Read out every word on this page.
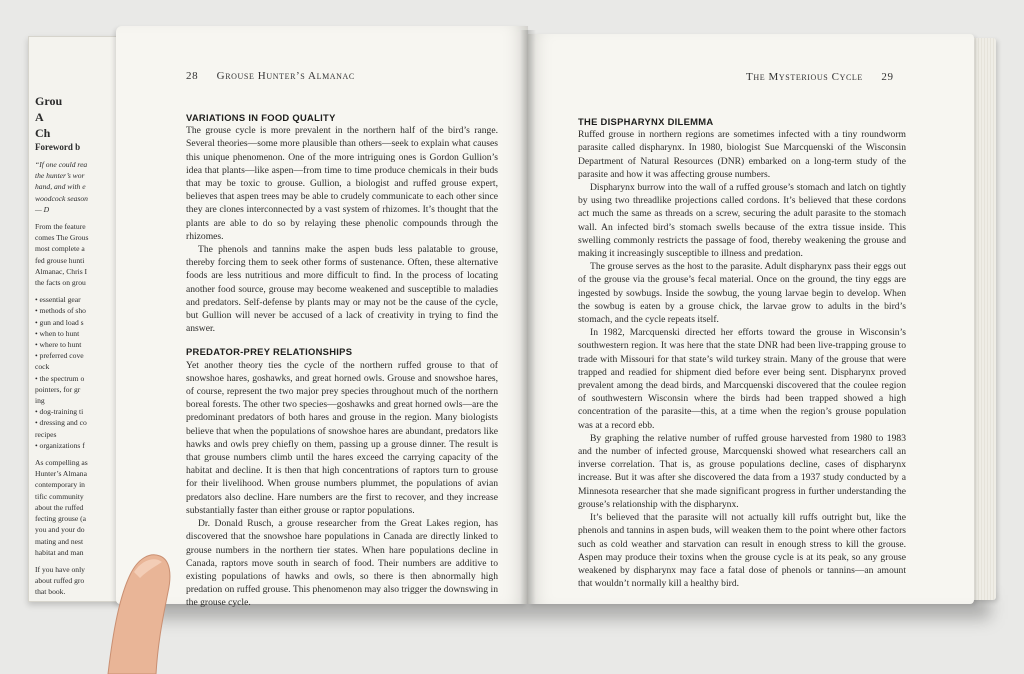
Grou
A
Ch
Foreword b
“If one could rea
the hunter’s wor
hand, and with e
woodcock season
— D
From the feature
comes The Grous
most complete a
fed grouse hunti
Almanac, Chris I
the facts on grou
• essential gear
• methods of sho
• gun and load s
• when to hunt
• where to hunt
• preferred cove
cock
• the spectrum o
pointers, for gr
ing
• dog-training ti
• dressing and co
recipes
• organizations f
As compelling as
Hunter’s Almana
contemporary in
tific community
about the ruffed
fecting grouse (a
you and your do
mating and nest
habitat and man
If you have only
about ruffed gro
that book.
28 Grouse Hunter’s Almanac	The Mysterious Cycle 29
VARIATIONS IN FOOD QUALITY

The grouse cycle is more prevalent in the northern half of the bird’s range. Several theories—some more plausible than others—seek to explain what causes this unique phenomenon. One of the more intriguing ones is Gordon Gullion’s idea that plants—like aspen—from time to time produce chemicals in their buds that may be toxic to grouse. Gullion, a biologist and ruffed grouse expert, believes that aspen trees may be able to crudely communicate to each other since they are clones interconnected by a vast system of rhizomes. It’s thought that the plants are able to do so by relaying these phenolic compounds through the rhizomes.

The phenols and tannins make the aspen buds less palatable to grouse, thereby forcing them to seek other forms of sustenance. Often, these alternative foods are less nutritious and more difficult to find. In the process of locating another food source, grouse may become weakened and susceptible to maladies and predators. Self-defense by plants may or may not be the cause of the cycle, but Gullion will never be accused of a lack of creativity in trying to find the answer.

PREDATOR-PREY RELATIONSHIPS

Yet another theory ties the cycle of the northern ruffed grouse to that of snowshoe hares, goshawks, and great horned owls. Grouse and snowshoe hares, of course, represent the two major prey species throughout much of the northern boreal forests. The other two species—goshawks and great horned owls—are the predominant predators of both hares and grouse in the region. Many biologists believe that when the populations of snowshoe hares are abundant, predators like hawks and owls prey chiefly on them, passing up a grouse dinner. The result is that grouse numbers climb until the hares exceed the carrying capacity of the habitat and decline. It is then that high concentrations of raptors turn to grouse for their livelihood. When grouse numbers plummet, the populations of avian predators also decline. Hare numbers are the first to recover, and they increase substantially faster than either grouse or raptor populations.

Dr. Donald Rusch, a grouse researcher from the Great Lakes region, has discovered that the snowshoe hare populations in Canada are directly linked to grouse numbers in the northern tier states. When hare populations decline in Canada, raptors move south in search of food. Their numbers are additive to existing populations of hawks and owls, so there is then abnormally high predation on ruffed grouse. This phenomenon may also trigger the downswing in the grouse cycle.

THE DISPHARYNX DILEMMA

Ruffed grouse in northern regions are sometimes infected with a tiny roundworm parasite called dispharynx. In 1980, biologist Sue Marcquenski of the Wisconsin Department of Natural Resources (DNR) embarked on a long-term study of the parasite and how it was affecting grouse numbers.

Dispharynx burrow into the wall of a ruffed grouse’s stomach and latch on tightly by using two threadlike projections called cordons. It’s believed that these cordons act much the same as threads on a screw, securing the adult parasite to the stomach wall. An infected bird’s stomach swells because of the extra tissue inside. This swelling commonly restricts the passage of food, thereby weakening the grouse and making it increasingly susceptible to illness and predation.

The grouse serves as the host to the parasite. Adult dispharynx pass their eggs out of the grouse via the grouse’s fecal material. Once on the ground, the tiny eggs are ingested by sowbugs. Inside the sowbug, the young larvae begin to develop. When the sowbug is eaten by a grouse chick, the larvae grow to adults in the bird’s stomach, and the cycle repeats itself.

In 1982, Marcquenski directed her efforts toward the grouse in Wisconsin’s southwestern region. It was here that the state DNR had been live-trapping grouse to trade with Missouri for that state’s wild turkey strain. Many of the grouse that were trapped and readied for shipment died before ever being sent. Dispharynx proved prevalent among the dead birds, and Marcquenski discovered that the coulee region of southwestern Wisconsin where the birds had been trapped showed a high concentration of the parasite—this, at a time when the region’s grouse population was at a record ebb.

By graphing the relative number of ruffed grouse harvested from 1980 to 1983 and the number of infected grouse, Marcquenski showed what researchers call an inverse correlation. That is, as grouse populations decline, cases of dispharynx increase. But it was after she discovered the data from a 1937 study conducted by a Minnesota researcher that she made significant progress in further understanding the grouse’s relationship with the dispharynx.

It’s believed that the parasite will not actually kill ruffs outright but, like the phenols and tannins in aspen buds, will weaken them to the point where other factors such as cold weather and starvation can result in enough stress to kill the grouse. Aspen may produce their toxins when the grouse cycle is at its peak, so any grouse weakened by dispharynx may face a fatal dose of phenols or tannins—an amount that wouldn’t normally kill a healthy bird.
